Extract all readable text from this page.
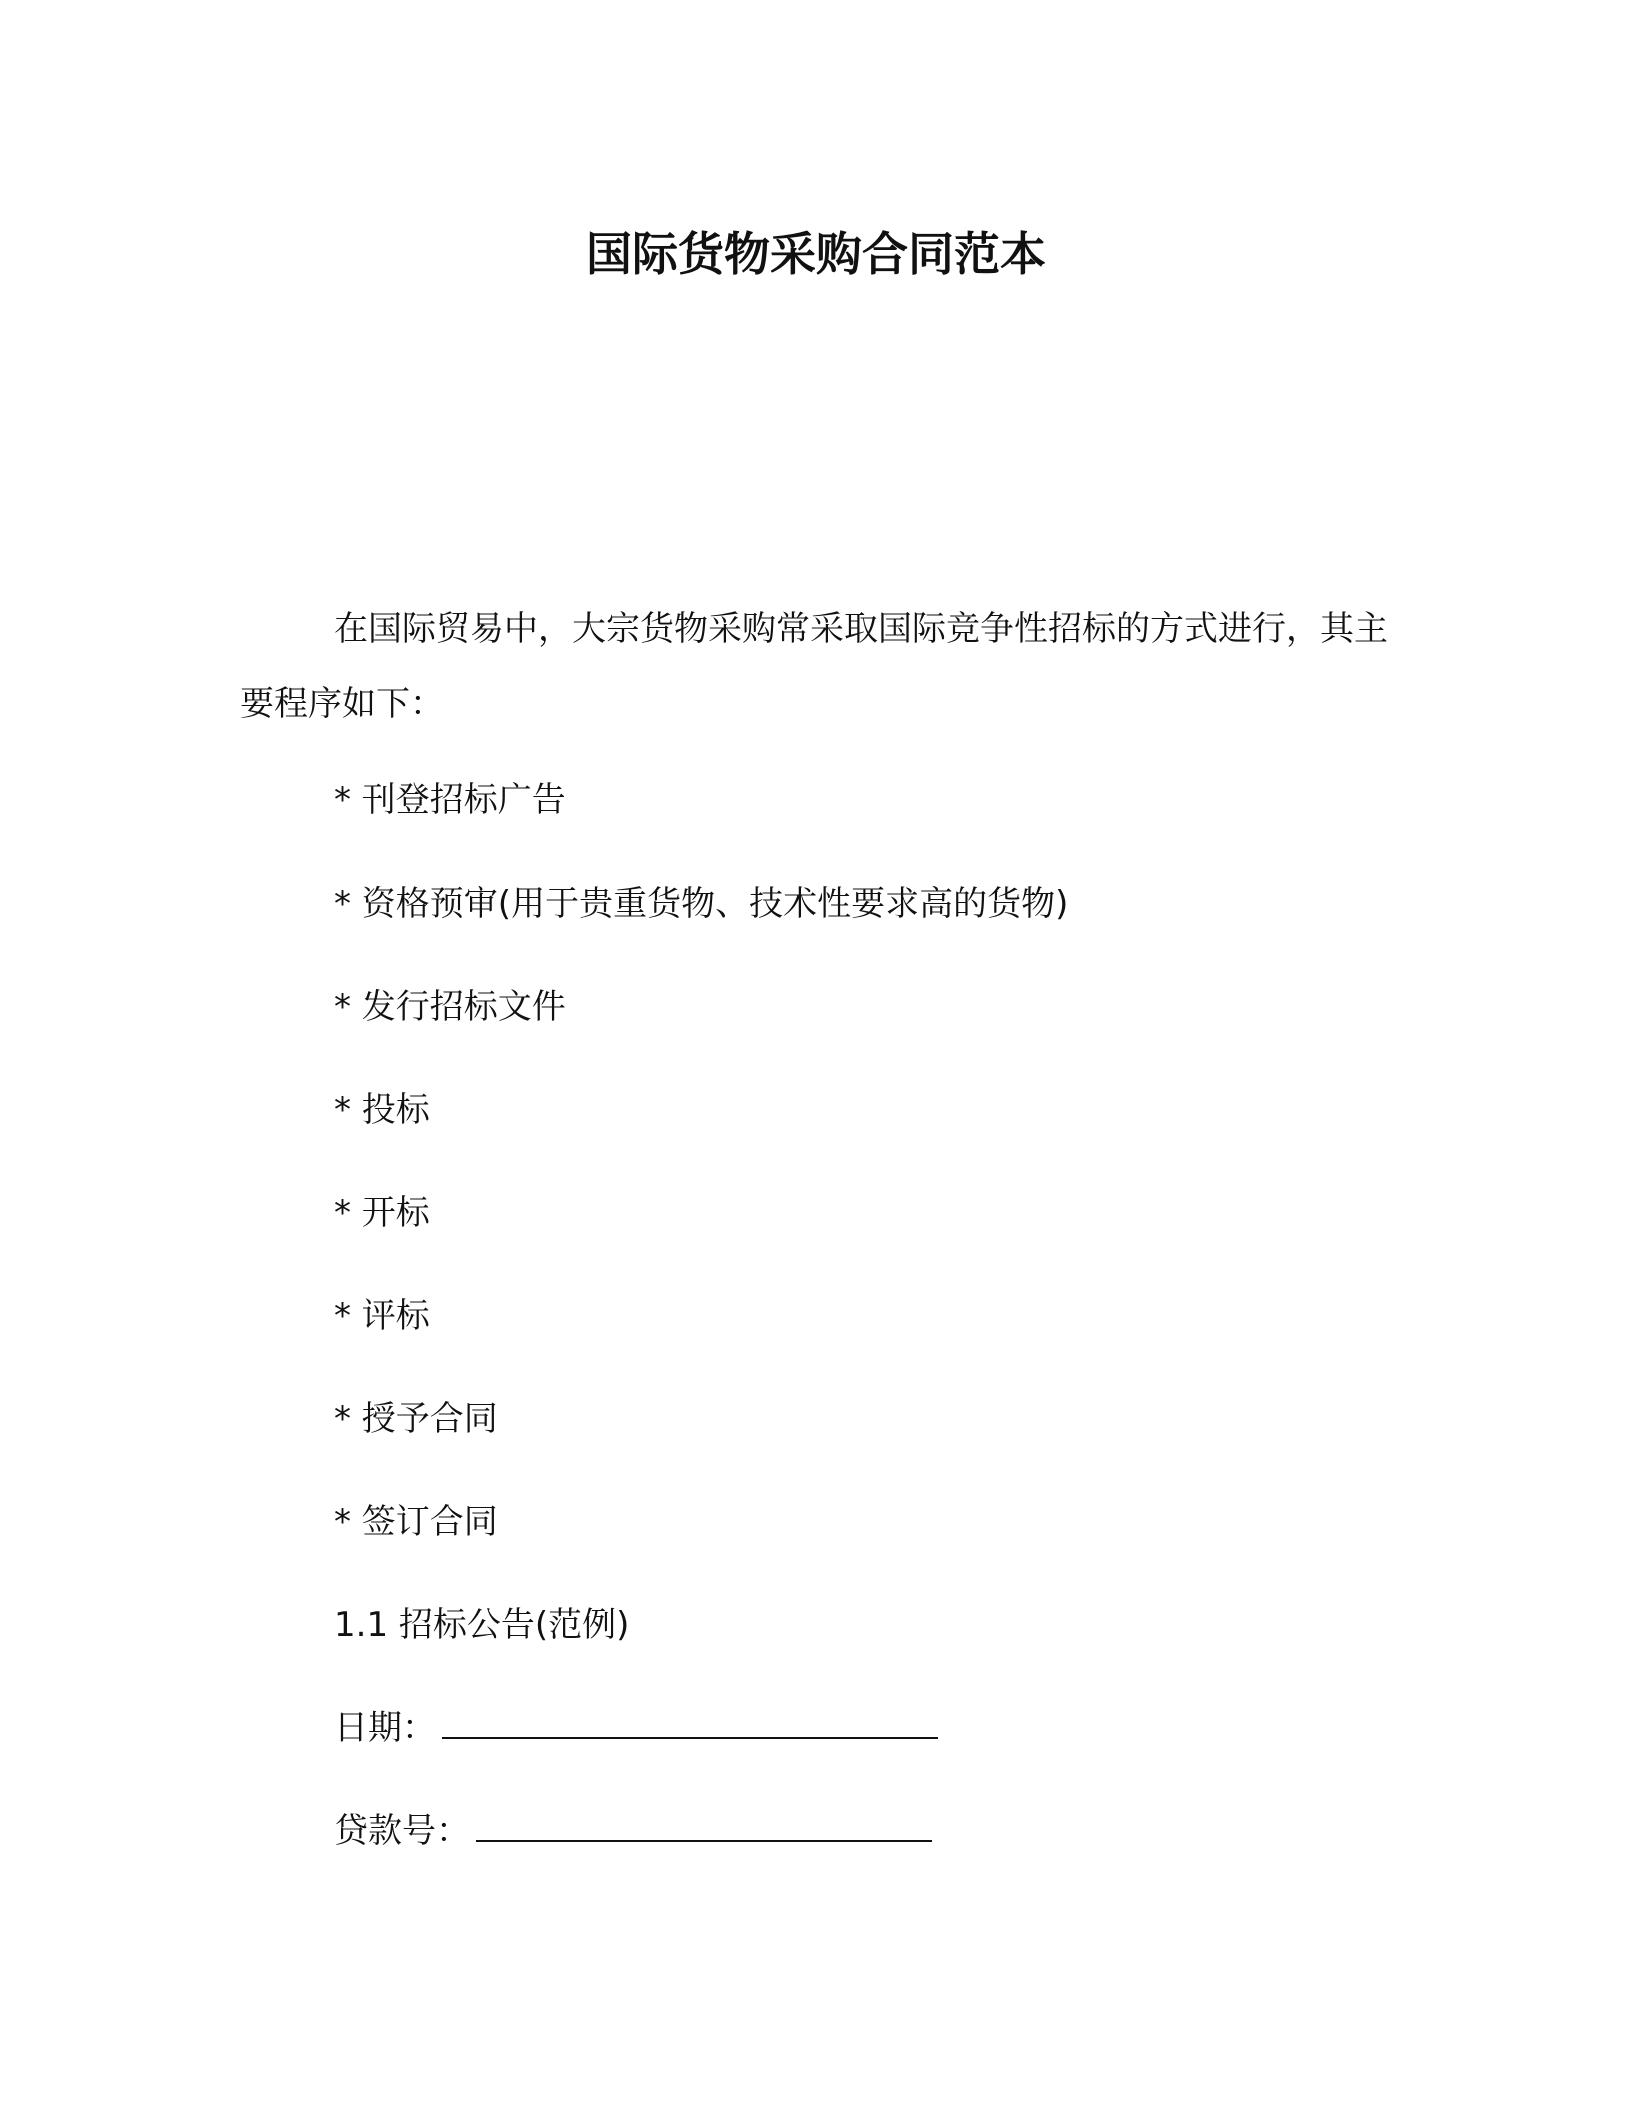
国际货物采购合同范本
在国际贸易中，大宗货物采购常采取国际竞争性招标的方式进行，其主要程序如下：
* 刊登招标广告
* 资格预审(用于贵重货物、技术性要求高的货物)
* 发行招标文件
* 投标
* 开标
* 评标
* 授予合同
* 签订合同
1.1 招标公告(范例)
日期：
贷款号：
